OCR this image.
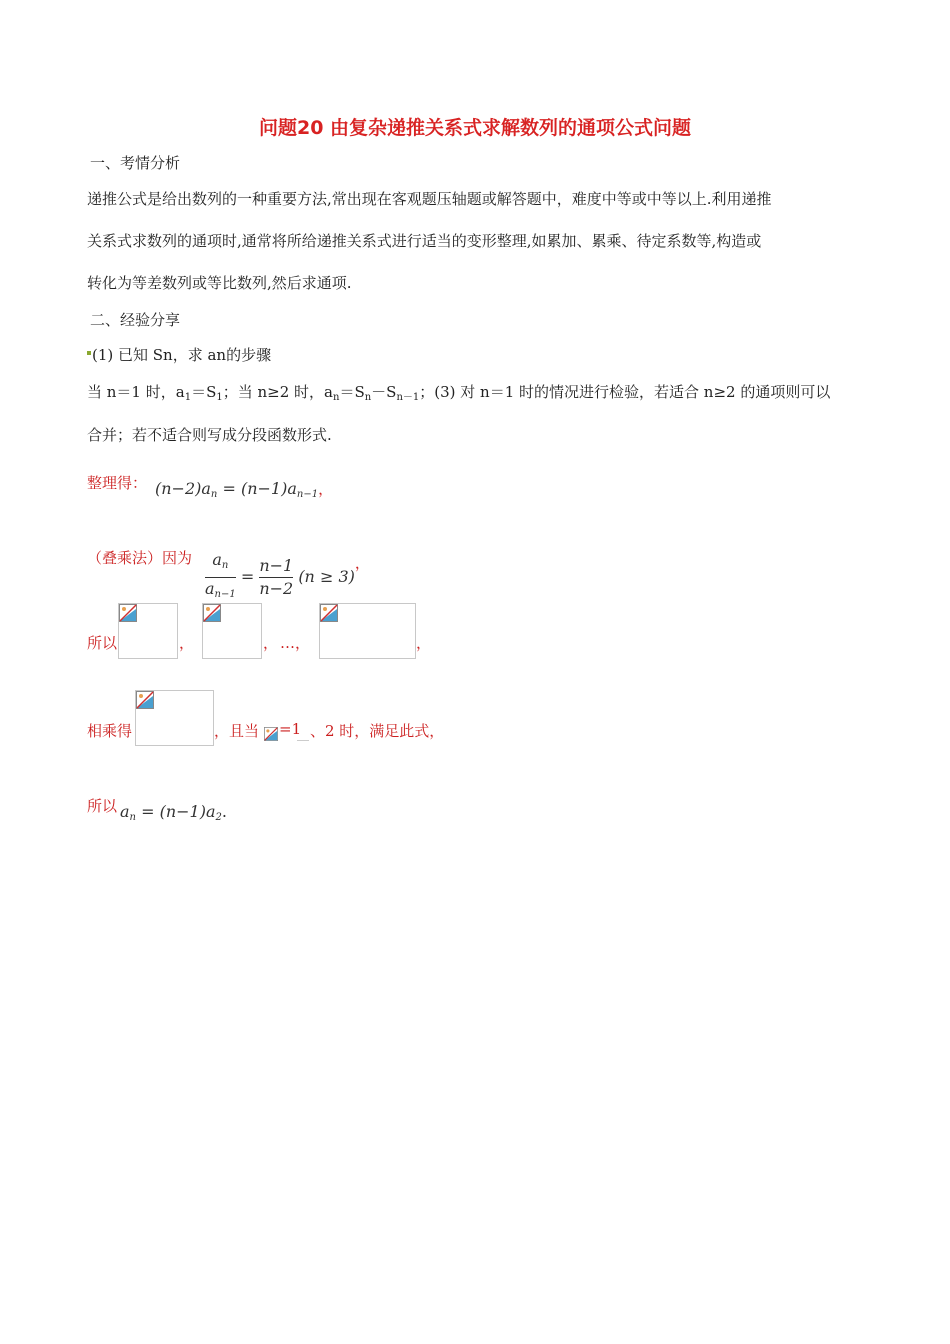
问题20 由复杂递推关系式求解数列的通项公式问题
一、考情分析
递推公式是给出数列的一种重要方法,常出现在客观题压轴题或解答题中，难度中等或中等以上.利用递推
关系式求数列的通项时,通常将所给递推关系式进行适当的变形整理,如累加、累乘、待定系数等,构造或
转化为等差数列或等比数列,然后求通项.
二、经验分享
(1) 已知 Sn，求 an的步骤
当 n＝1 时，$a_1=S_1$；当 n≥2 时，$a_n=S_n-S_{n-1}$；(3) 对 n＝1 时的情况进行检验，若适合 n≥2 的通项则可以
合并；若不适合则写成分段函数形式.
整理得： $(n-2)a_n = (n-1)a_{n-1}$，
（叠乘法）因为 $\frac{a_n}{a_{n-1}} = \frac{n-1}{n-2} (n \ge 3)$，
所以	，	， …，	，
相乘得	，且当 =1 、2 时，满足此式，
所以 $a_n = (n-1)a_2$.
